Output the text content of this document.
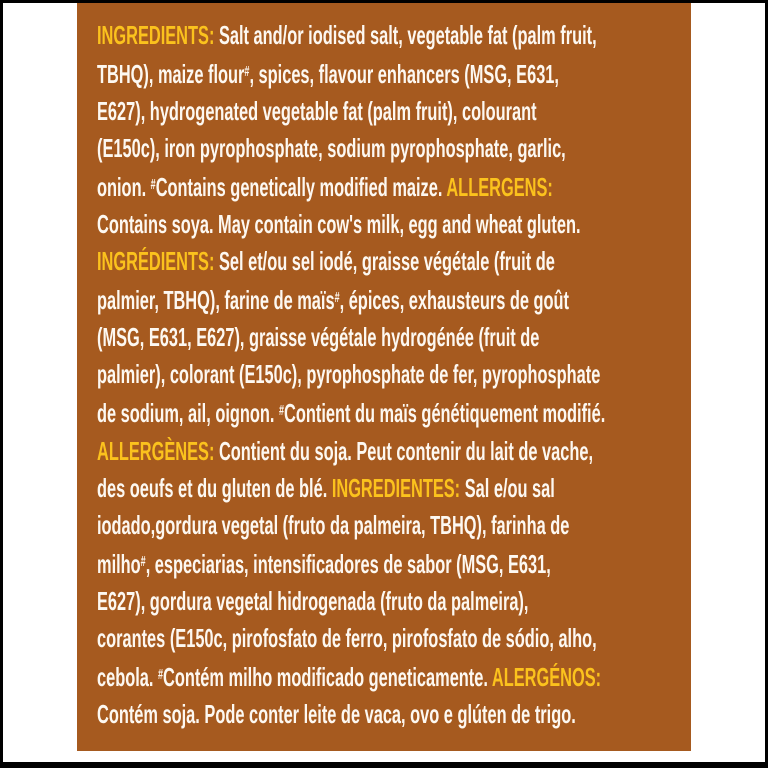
INGREDIENTS: Salt and/or iodised salt, vegetable fat (palm fruit,
TBHQ), maize flour#, spices, flavour enhancers (MSG, E631,
E627), hydrogenated vegetable fat (palm fruit), colourant
(E150c), iron pyrophosphate, sodium pyrophosphate, garlic,
onion. #Contains genetically modified maize. ALLERGENS:
Contains soya. May contain cow's milk, egg and wheat gluten.
INGRÉDIENTS: Sel et/ou sel iodé, graisse végétale (fruit de
palmier, TBHQ), farine de maïs#, épices, exhausteurs de goût
(MSG, E631, E627), graisse végétale hydrogénée (fruit de
palmier), colorant (E150c), pyrophosphate de fer, pyrophosphate
de sodium, ail, oignon. #Contient du maïs génétiquement modifié.
ALLERGÈNES: Contient du soja. Peut contenir du lait de vache,
des oeufs et du gluten de blé. INGREDIENTES: Sal e/ou sal
iodado,gordura vegetal (fruto da palmeira, TBHQ), farinha de
milho#, especiarias, intensificadores de sabor (MSG, E631,
E627), gordura vegetal hidrogenada (fruto da palmeira),
corantes (E150c, pirofosfato de ferro, pirofosfato de sódio, alho,
cebola. #Contém milho modificado geneticamente. ALERGÉNOS:
Contém soja. Pode conter leite de vaca, ovo e glúten de trigo.
